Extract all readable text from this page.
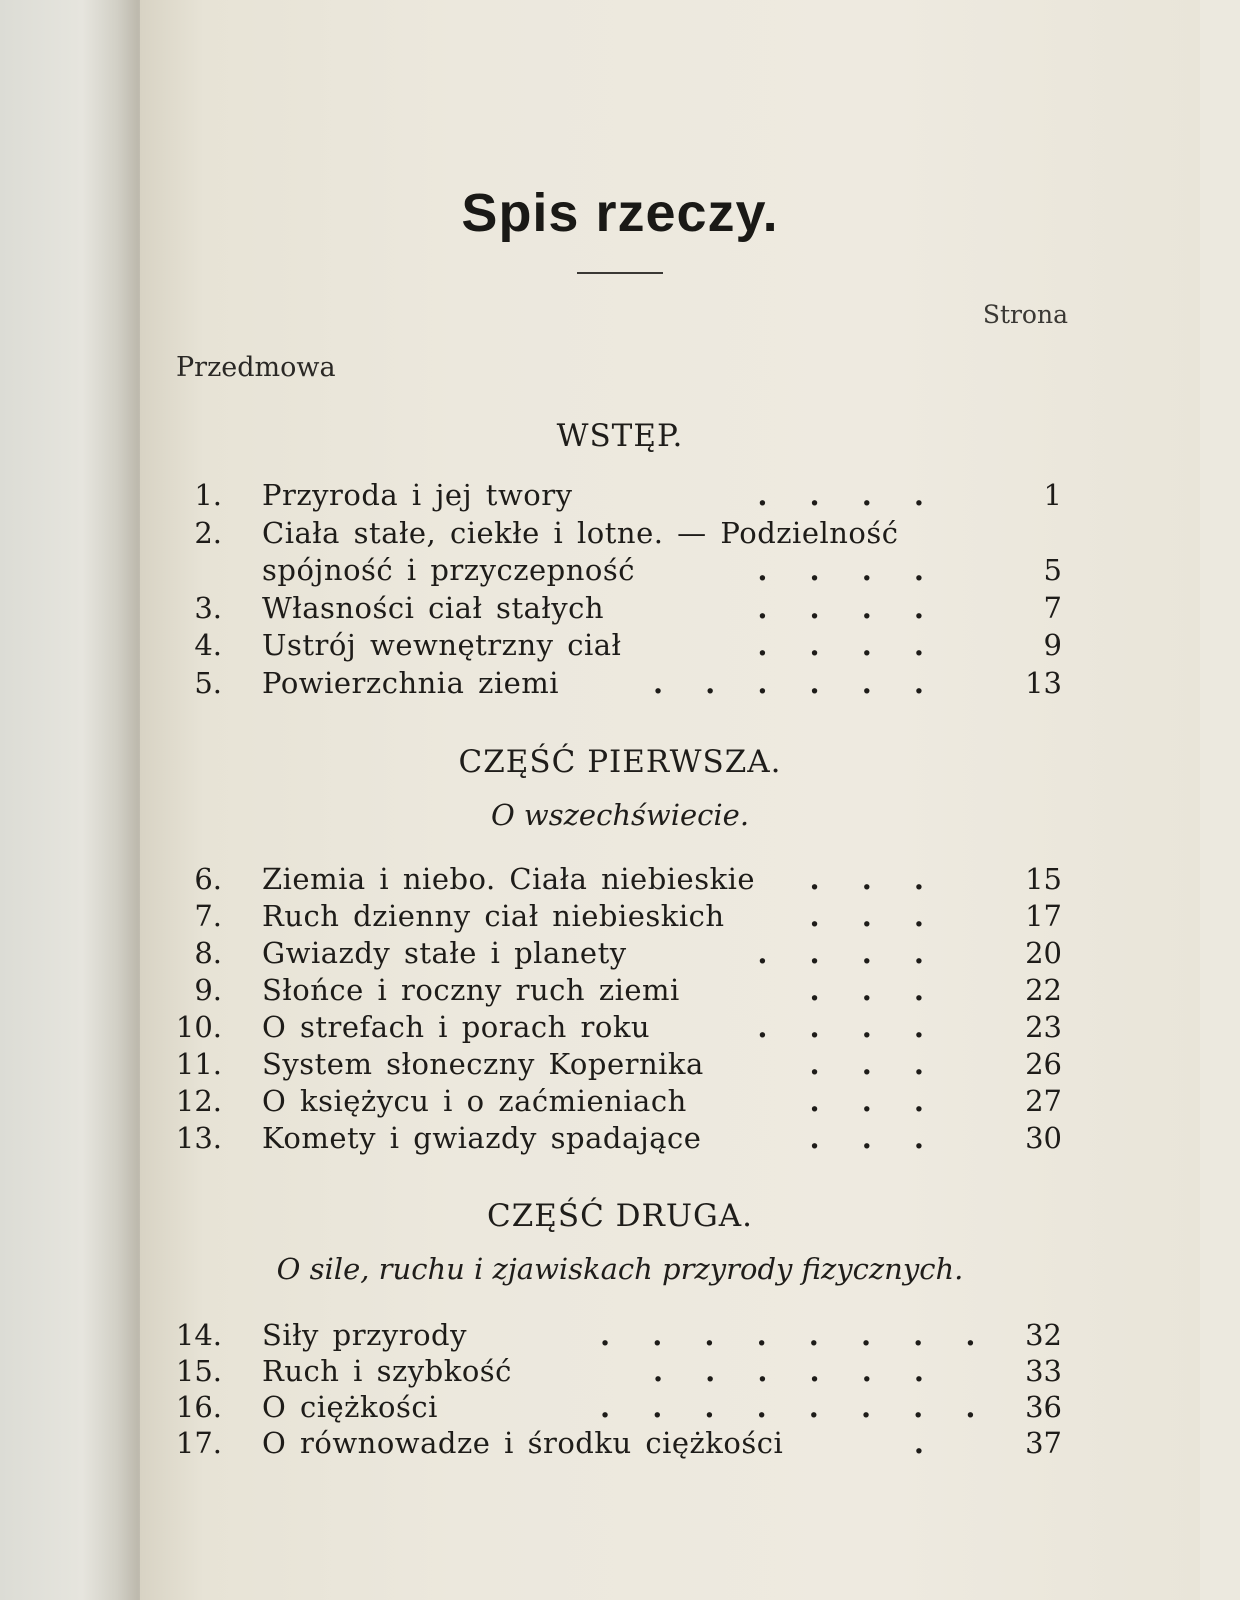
Spis rzeczy.
Strona
Przedmowa
WSTĘP.
CZĘŚĆ PIERWSZA.
O wszechświecie.
CZĘŚĆ DRUGA.
O sile, ruchu i zjawiskach przyrody fizycznych.
1. Przyroda i jej twory	. . . .	1
2. Ciała stałe, ciekłe i lotne. — Podzielność
spójność i przyczepność	. . . .	5
3. Własności ciał stałych	. . . .	7
4. Ustrój wewnętrzny ciał	. . . .	9
5. Powierzchnia ziemi	. . . . . .	13
6. Ziemia i niebo. Ciała niebieskie	. . .	15
7. Ruch dzienny ciał niebieskich	. . .	17
8. Gwiazdy stałe i planety	. . . .	20
9. Słońce i roczny ruch ziemi	. . .	22
10. O strefach i porach roku	. . . .	23
11. System słoneczny Kopernika	. . .	26
12. O księżycu i o zaćmieniach	. . .	27
13. Komety i gwiazdy spadające	. . .	30
14. Siły przyrody	. . . . . . . .	32
15. Ruch i szybkość	. . . . . .	33
16. O ciężkości	. . . . . . . .	36
17. O równowadze i środku ciężkości	.	37
